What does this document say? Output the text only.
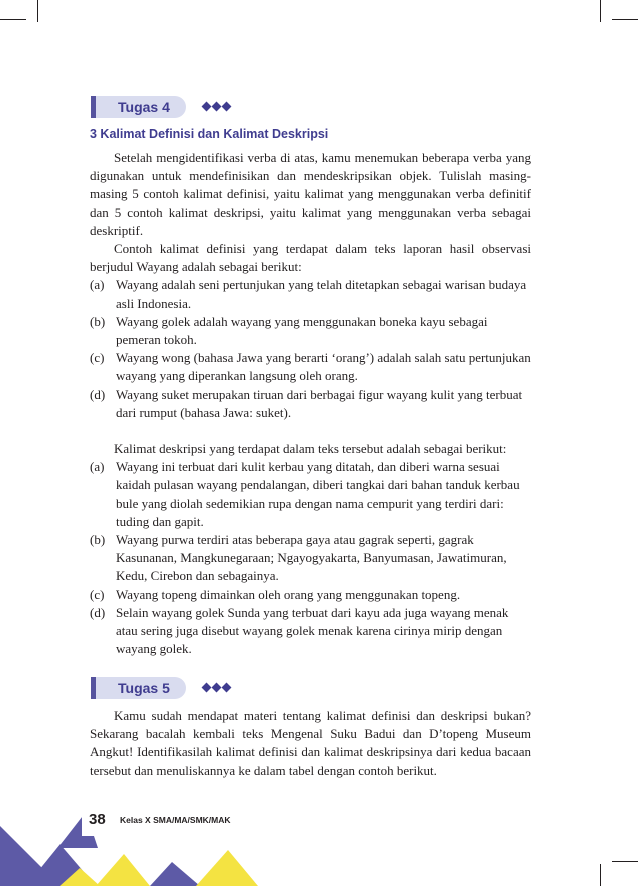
Tugas 4
3 Kalimat Definisi dan Kalimat Deskripsi

Setelah mengidentifikasi verba di atas, kamu menemukan beberapa verba yang digunakan untuk mendefinisikan dan mendeskripsikan objek. Tulislah masing-masing 5 contoh kalimat definisi, yaitu kalimat yang menggunakan verba definitif dan 5 contoh kalimat deskripsi, yaitu kalimat yang menggunakan verba sebagai deskriptif.

Contoh kalimat definisi yang terdapat dalam teks laporan hasil observasi berjudul Wayang adalah sebagai berikut:

(a) Wayang adalah seni pertunjukan yang telah ditetapkan sebagai warisan budaya asli Indonesia.
(b) Wayang golek adalah wayang yang menggunakan boneka kayu sebagai pemeran tokoh.
(c) Wayang wong (bahasa Jawa yang berarti ‘orang’) adalah salah satu pertunjukan wayang yang diperankan langsung oleh orang.
(d) Wayang suket merupakan tiruan dari berbagai figur wayang kulit yang terbuat dari rumput (bahasa Jawa: suket).

Kalimat deskripsi yang terdapat dalam teks tersebut adalah sebagai berikut:

(a) Wayang ini terbuat dari kulit kerbau yang ditatah, dan diberi warna sesuai kaidah pulasan wayang pendalangan, diberi tangkai dari bahan tanduk kerbau bule yang diolah sedemikian rupa dengan nama cempurit yang terdiri dari: tuding dan gapit.
(b) Wayang purwa terdiri atas beberapa gaya atau gagrak seperti, gagrak Kasunanan, Mangkunegaraan; Ngayogyakarta, Banyumasan, Jawatimuran, Kedu, Cirebon dan sebagainya.
(c) Wayang topeng dimainkan oleh orang yang menggunakan topeng.
(d) Selain wayang golek Sunda yang terbuat dari kayu ada juga wayang menak atau sering juga disebut wayang golek menak karena cirinya mirip dengan wayang golek.
Tugas 5

Kamu sudah mendapat materi tentang kalimat definisi dan deskripsi bukan? Sekarang bacalah kembali teks Mengenal Suku Badui dan D’topeng Museum Angkut! Identifikasilah kalimat definisi dan kalimat deskripsinya dari kedua bacaan tersebut dan menuliskannya ke dalam tabel dengan contoh berikut.

38 Kelas X SMA/MA/SMK/MAK
